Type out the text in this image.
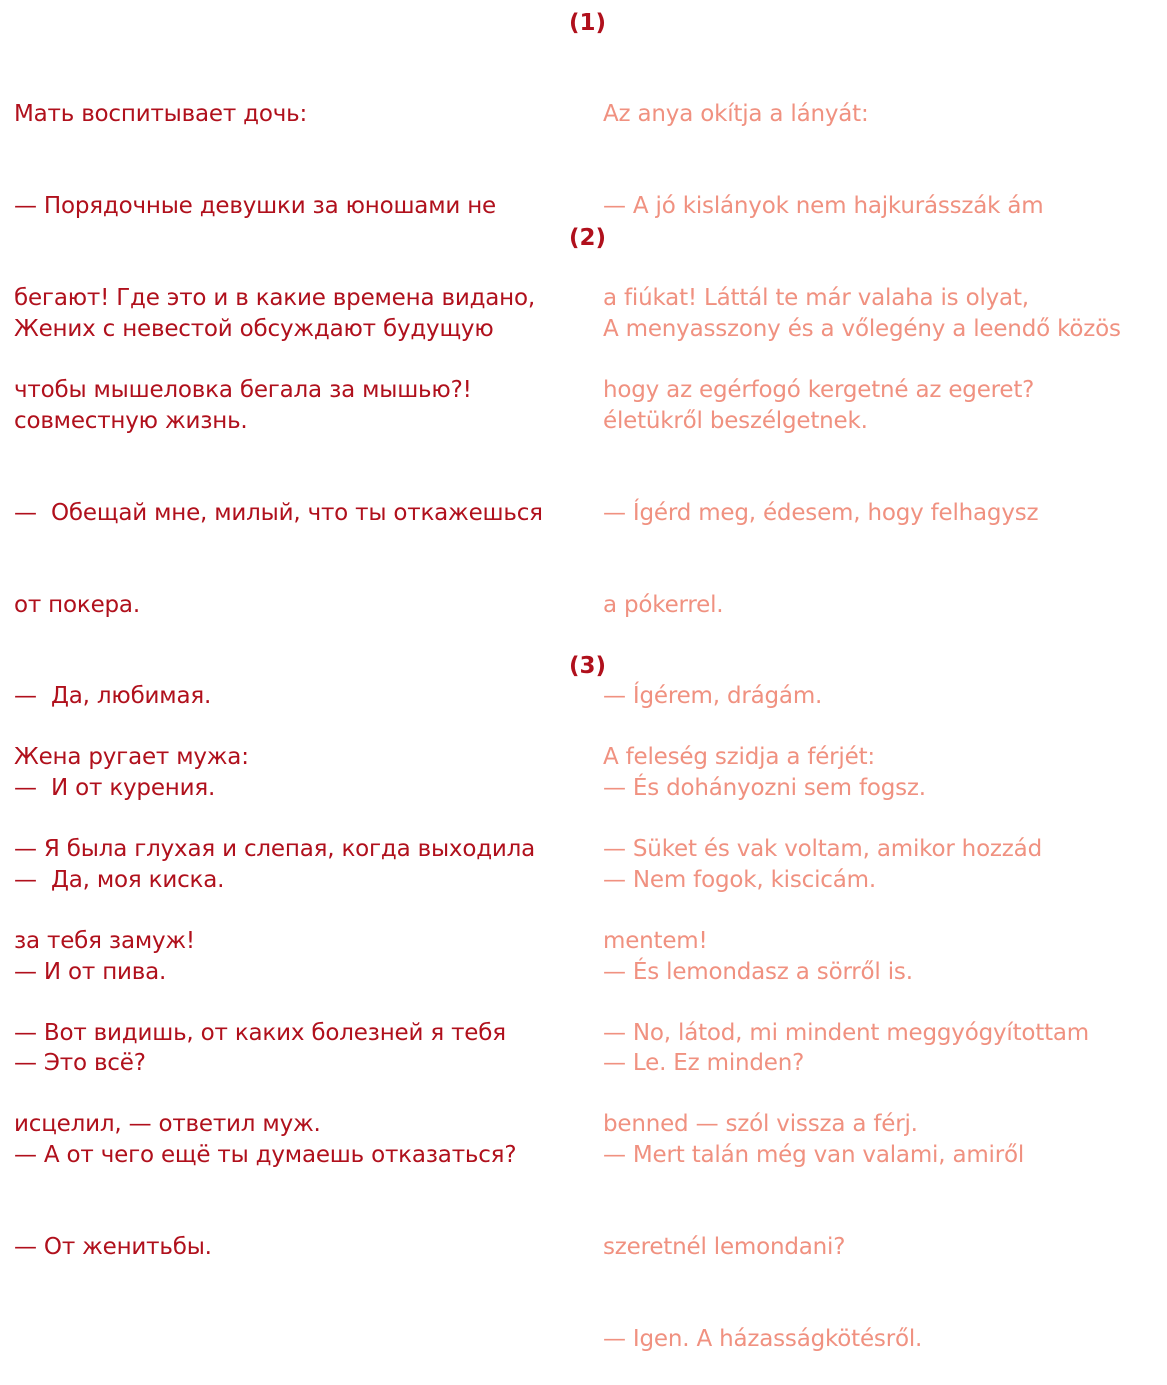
(1)

Мать воспитывает дочь:

— Порядочные девушки за юношами не

бегают! Где это и в какие времена видано,

чтобы мышеловка бегала за мышью?!

Az anya okítja a lányát:

— A jó kislányok nem hajkurásszák ám

a fiúkat! Láttál te már valaha is olyat,

hogy az egérfogó kergetné az egeret?

(2)

Жених с невестой обсуждают будущую

совместную жизнь.

—  Обещай мне, милый, что ты откажешься

от покера.

—  Да, любимая.

—  И от курения.

—  Да, моя киска.

— И от пива.

— Это всё?

— А от чего ещё ты думаешь отказаться?

— От женитьбы.

A menyasszony és a vőlegény a leendő közös

életükről beszélgetnek.

— Ígérd meg, édesem, hogy felhagysz

a pókerrel.

— Ígérem, drágám.

— És dohányozni sem fogsz.

— Nem fogok, kiscicám.

— És lemondasz a sörről is.

— Le. Ez minden?

— Mert talán még van valami, amiről

szeretnél lemondani?

— Igen. A házasságkötésről.

(3)

Жена ругает мужа:

— Я была глухая и слепая, когда выходила

за тебя замуж!

— Вот видишь, от каких болезней я тебя

исцелил, — ответил муж.

A feleség szidja a férjét:

— Süket és vak voltam, amikor hozzád

mentem!

— No, látod, mi mindent meggyógyítottam

benned — szól vissza a férj.
